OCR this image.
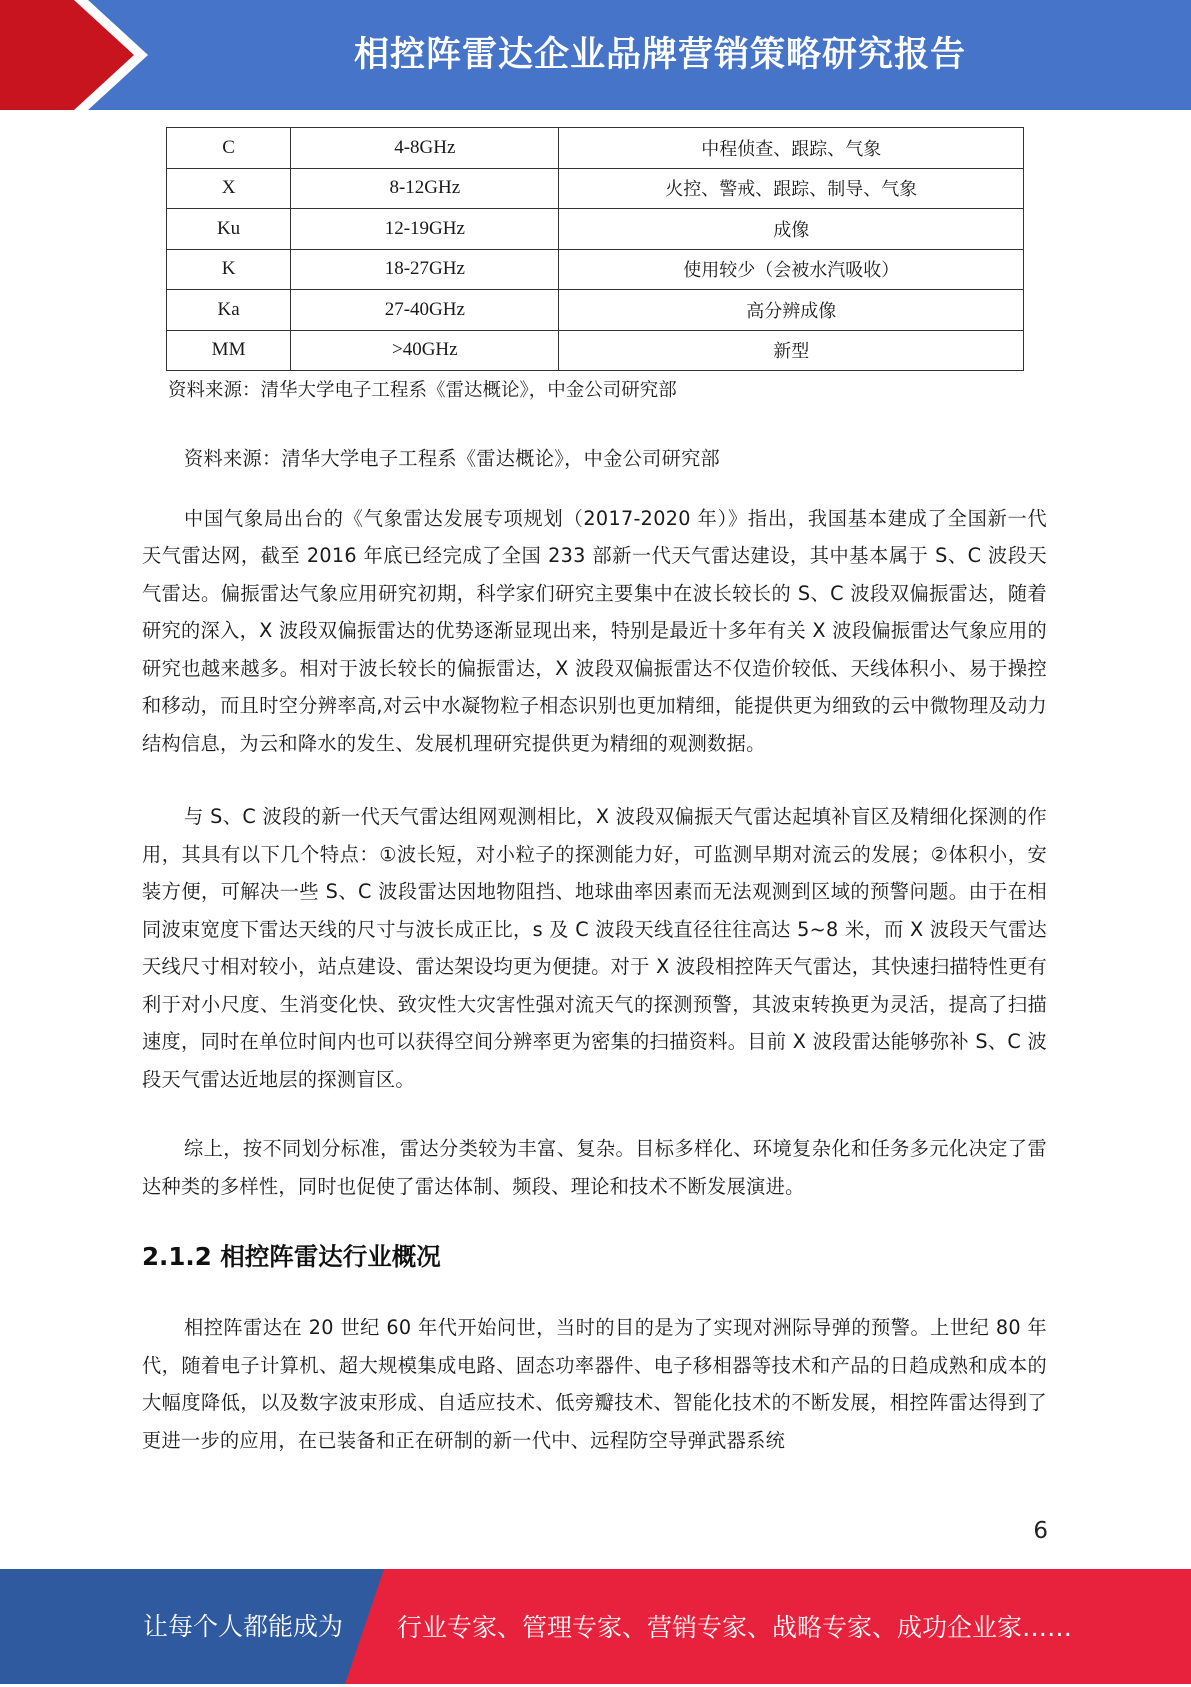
相控阵雷达企业品牌营销策略研究报告
C	4-8GHz	中程侦查、跟踪、气象
X	8-12GHz	火控、警戒、跟踪、制导、气象
Ku	12-19GHz	成像
K	18-27GHz	使用较少（会被水汽吸收）
Ka	27-40GHz	高分辨成像
MM	>40GHz	新型
资料来源：清华大学电子工程系《雷达概论》，中金公司研究部

资料来源：清华大学电子工程系《雷达概论》，中金公司研究部

中国气象局出台的《气象雷达发展专项规划（2017-2020 年）》指出，我国基本建成了全国新一代天气雷达网，截至 2016 年底已经完成了全国 233 部新一代天气雷达建设，其中基本属于 S、C 波段天气雷达。偏振雷达气象应用研究初期，科学家们研究主要集中在波长较长的 S、C 波段双偏振雷达，随着研究的深入，X 波段双偏振雷达的优势逐渐显现出来，特别是最近十多年有关 X 波段偏振雷达气象应用的研究也越来越多。相对于波长较长的偏振雷达，X 波段双偏振雷达不仅造价较低、天线体积小、易于操控和移动，而且时空分辨率高,对云中水凝物粒子相态识别也更加精细，能提供更为细致的云中微物理及动力结构信息，为云和降水的发生、发展机理研究提供更为精细的观测数据。

与 S、C 波段的新一代天气雷达组网观测相比，X 波段双偏振天气雷达起填补盲区及精细化探测的作用，其具有以下几个特点：①波长短，对小粒子的探测能力好，可监测早期对流云的发展；②体积小，安装方便，可解决一些 S、C 波段雷达因地物阻挡、地球曲率因素而无法观测到区域的预警问题。由于在相同波束宽度下雷达天线的尺寸与波长成正比，s 及 C 波段天线直径往往高达 5~8 米，而 X 波段天气雷达天线尺寸相对较小，站点建设、雷达架设均更为便捷。对于 X 波段相控阵天气雷达，其快速扫描特性更有利于对小尺度、生消变化快、致灾性大灾害性强对流天气的探测预警，其波束转换更为灵活，提高了扫描速度，同时在单位时间内也可以获得空间分辨率更为密集的扫描资料。目前 X 波段雷达能够弥补 S、C 波段天气雷达近地层的探测盲区。

综上，按不同划分标准，雷达分类较为丰富、复杂。目标多样化、环境复杂化和任务多元化决定了雷达种类的多样性，同时也促使了雷达体制、频段、理论和技术不断发展演进。

2.1.2 相控阵雷达行业概况

相控阵雷达在 20 世纪 60 年代开始问世，当时的目的是为了实现对洲际导弹的预警。上世纪 80 年代，随着电子计算机、超大规模集成电路、固态功率器件、电子移相器等技术和产品的日趋成熟和成本的大幅度降低，以及数字波束形成、自适应技术、低旁瓣技术、智能化技术的不断发展，相控阵雷达得到了更进一步的应用，在已装备和正在研制的新一代中、远程防空导弹武器系统

6
让每个人都能成为 行业专家、管理专家、营销专家、战略专家、成功企业家……
